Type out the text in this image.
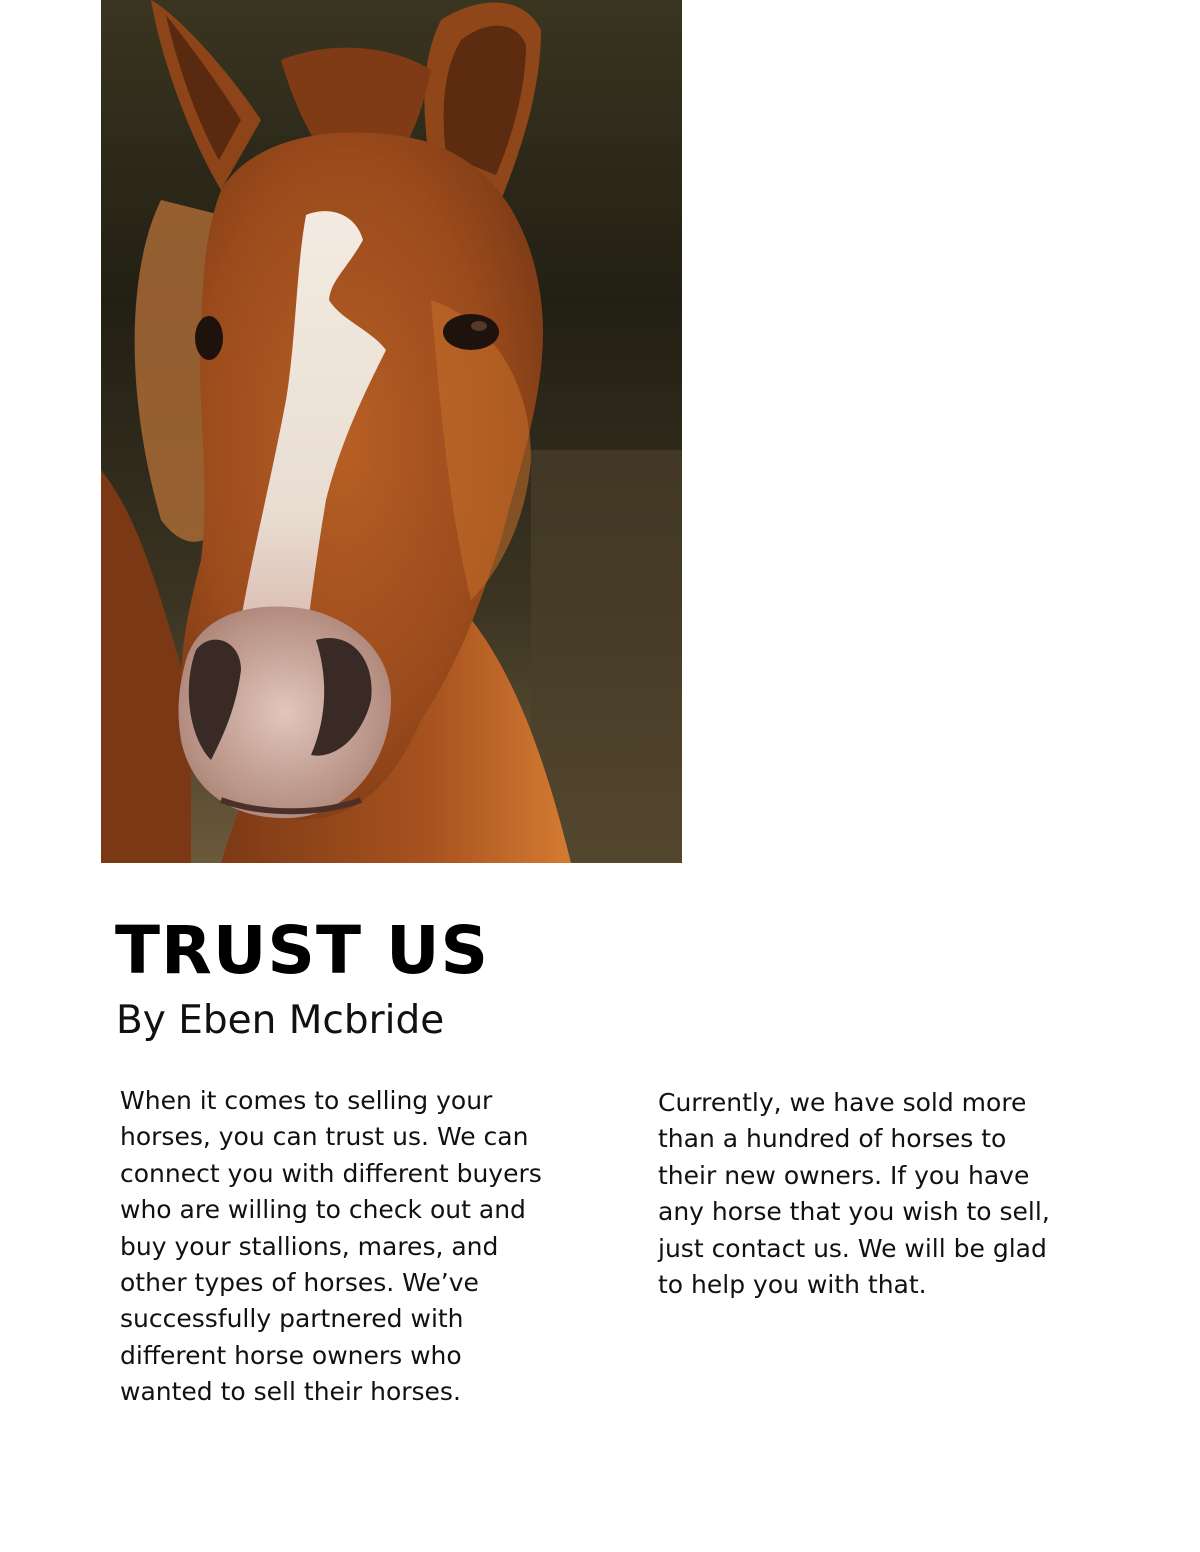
TRUST US

By Eben Mcbride

When it comes to selling your
horses, you can trust us. We can
connect you with different buyers
who are willing to check out and
buy your stallions, mares, and
other types of horses. We’ve
successfully partnered with
different horse owners who
wanted to sell their horses.

Currently, we have sold more
than a hundred of horses to
their new owners. If you have
any horse that you wish to sell,
just contact us. We will be glad
to help you with that.
